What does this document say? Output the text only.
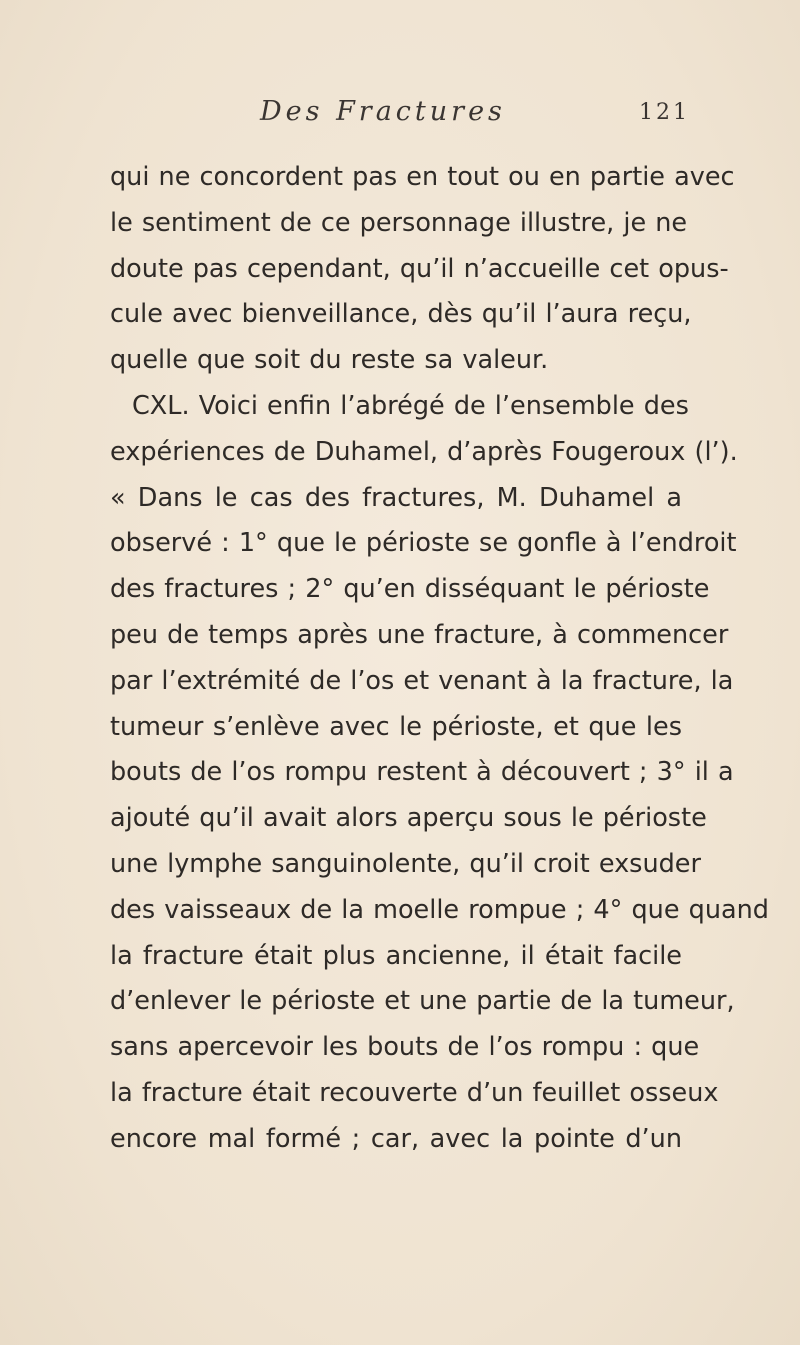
Des Fractures	121
qui ne concordent pas en tout ou en partie avec
le sentiment de ce personnage illustre, je ne
doute pas cependant, qu’il n’accueille cet opus-
cule avec bienveillance, dès qu’il l’aura reçu,
quelle que soit du reste sa valeur.
CXL. Voici enfin l’abrégé de l’ensemble des
expériences de Duhamel, d’après Fougeroux (l’).
« Dans le cas des fractures, M. Duhamel a
observé : 1° que le périoste se gonfle à l’endroit
des fractures ; 2° qu’en disséquant le périoste
peu de temps après une fracture, à commencer
par l’extrémité de l’os et venant à la fracture, la
tumeur s’enlève avec le périoste, et que les
bouts de l’os rompu restent à découvert ; 3° il a
ajouté qu’il avait alors aperçu sous le périoste
une lymphe sanguinolente, qu’il croit exsuder
des vaisseaux de la moelle rompue ; 4° que quand
la fracture était plus ancienne, il était facile
d’enlever le périoste et une partie de la tumeur,
sans apercevoir les bouts de l’os rompu : que
la fracture était recouverte d’un feuillet osseux
encore mal formé ; car, avec la pointe d’un
